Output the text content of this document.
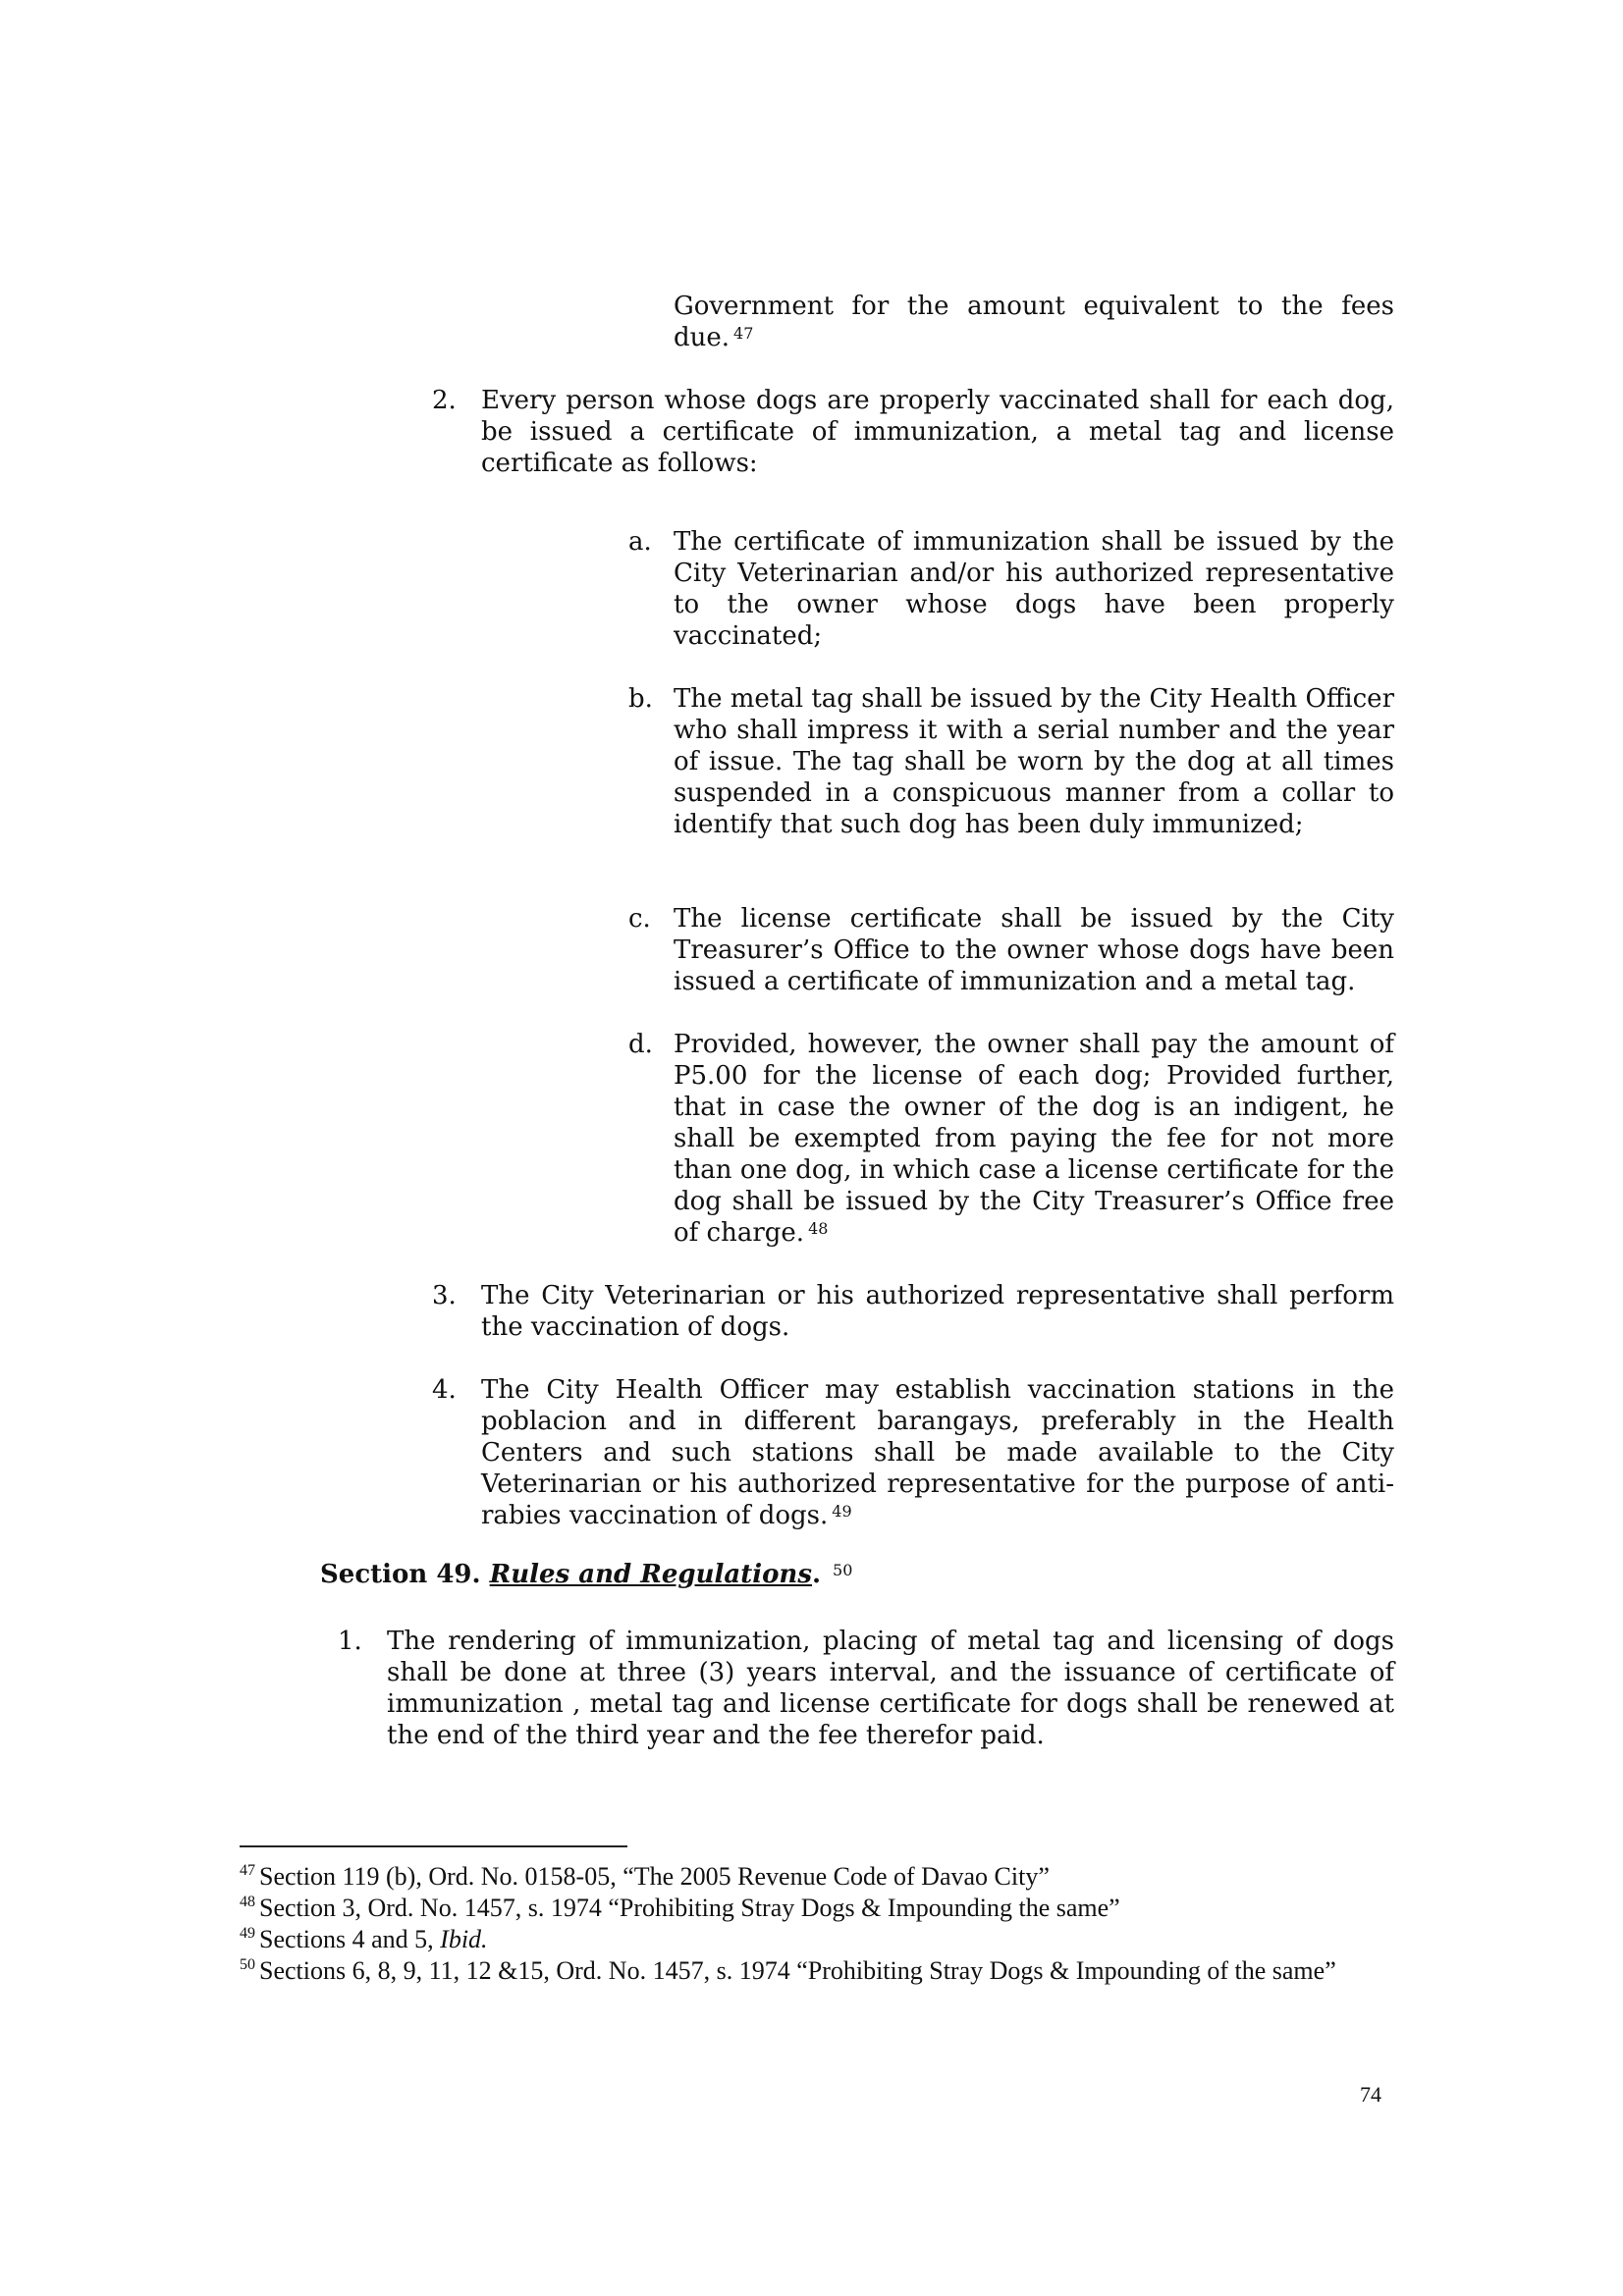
Government for the amount equivalent to the fees due. $^{47}$
2. Every person whose dogs are properly vaccinated shall for each dog, be issued a certificate of immunization, a metal tag and license certificate as follows:
a. The certificate of immunization shall be issued by the City Veterinarian and/or his authorized representative to the owner whose dogs have been properly vaccinated;
b. The metal tag shall be issued by the City Health Officer who shall impress it with a serial number and the year of issue. The tag shall be worn by the dog at all times suspended in a conspicuous manner from a collar to identify that such dog has been duly immunized;
c. The license certificate shall be issued by the City Treasurer’s Office to the owner whose dogs have been issued a certificate of immunization and a metal tag.
d. Provided, however, the owner shall pay the amount of P5.00 for the license of each dog; Provided further, that in case the owner of the dog is an indigent, he shall be exempted from paying the fee for not more than one dog, in which case a license certificate for the dog shall be issued by the City Treasurer’s Office free of charge. $^{48}$
3. The City Veterinarian or his authorized representative shall perform the vaccination of dogs.
4. The City Health Officer may establish vaccination stations in the poblacion and in different barangays, preferably in the Health Centers and such stations shall be made available to the City Veterinarian or his authorized representative for the purpose of anti-rabies vaccination of dogs. $^{49}$
Section 49. Rules and Regulations. $^{50}$
1. The rendering of immunization, placing of metal tag and licensing of dogs shall be done at three (3) years interval, and the issuance of certificate of immunization , metal tag and license certificate for dogs shall be renewed at the end of the third year and the fee therefor paid.
$^{47}$ Section 119 (b), Ord. No. 0158-05, “The 2005 Revenue Code of Davao City”
$^{48}$ Section 3, Ord. No. 1457, s. 1974 “Prohibiting Stray Dogs & Impounding the same”
$^{49}$ Sections 4 and 5, Ibid.
$^{50}$ Sections 6, 8, 9, 11, 12 &15, Ord. No. 1457, s. 1974 “Prohibiting Stray Dogs & Impounding of the same”
74
